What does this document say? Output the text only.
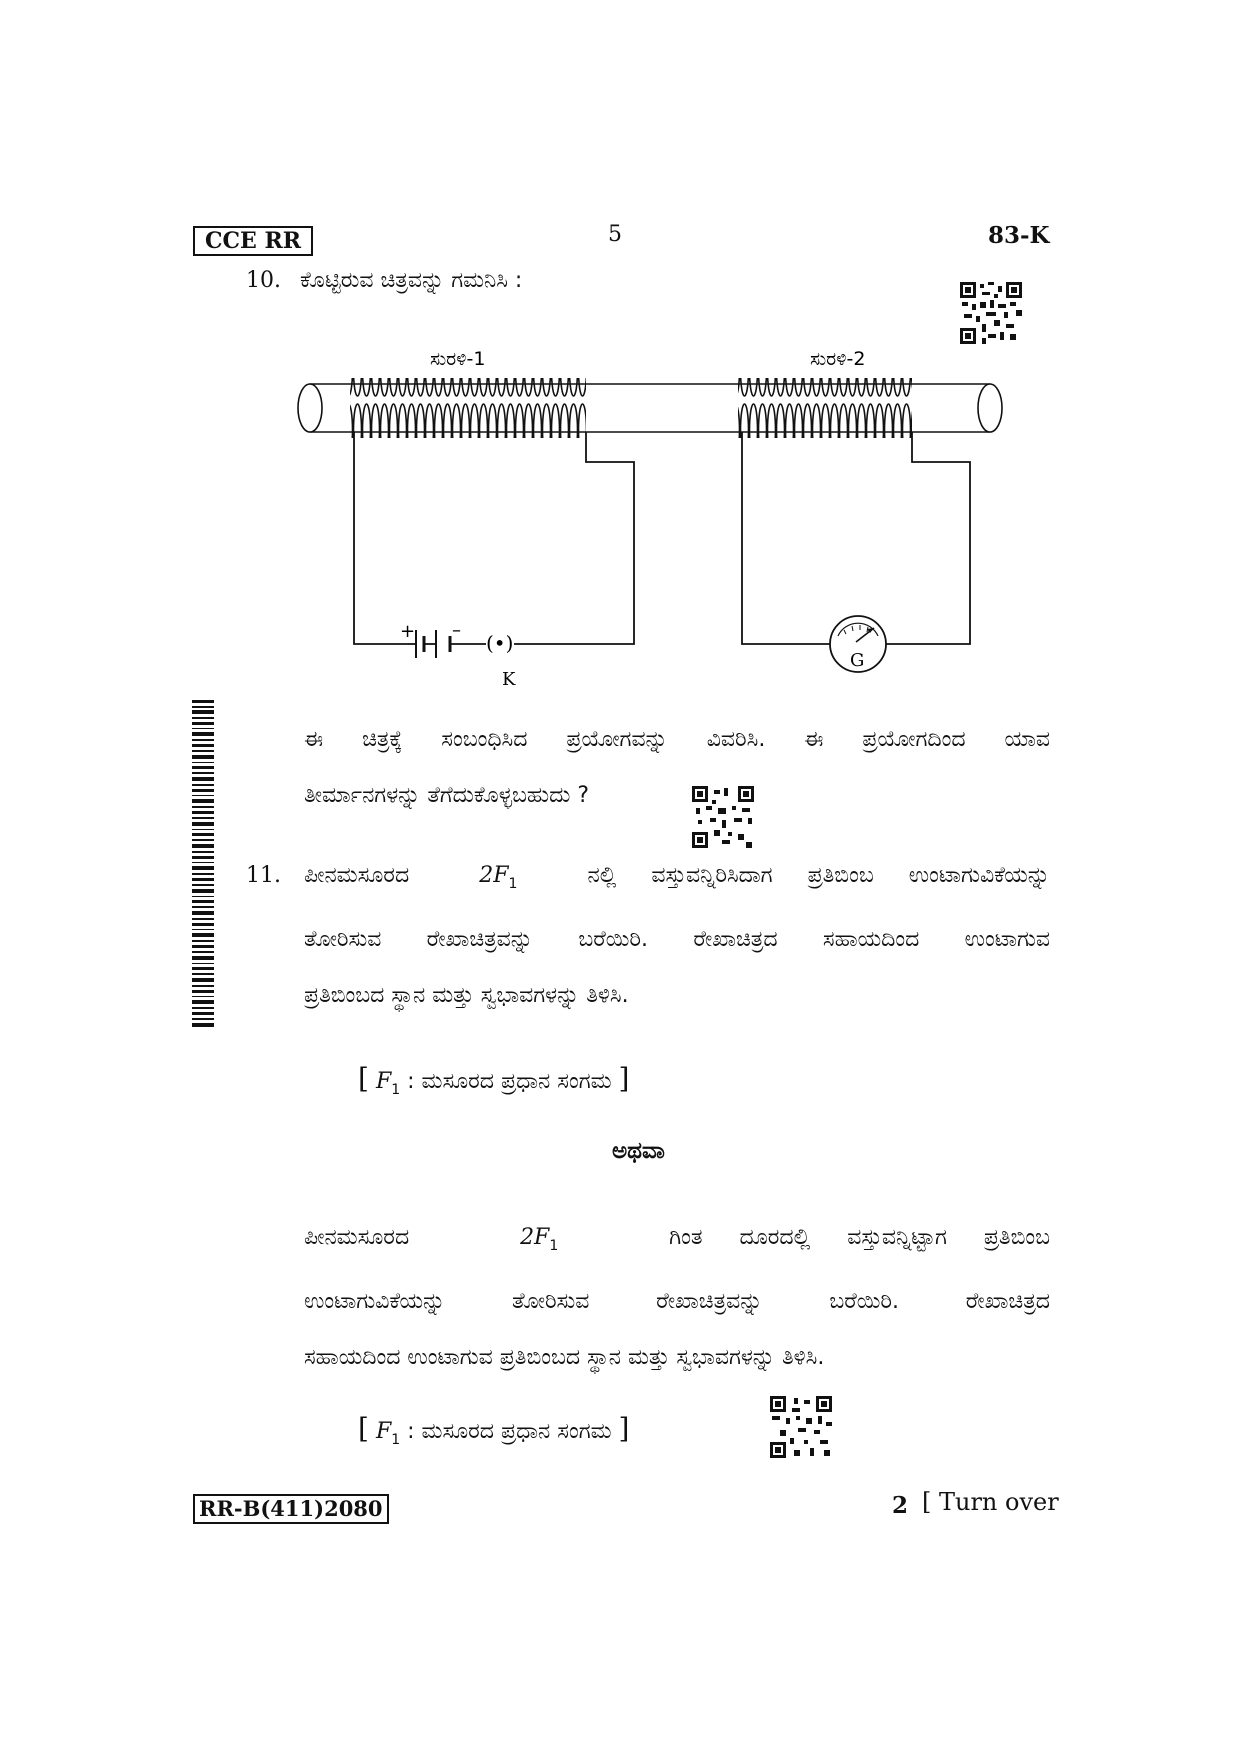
CCE RR	5	83-K
10. ಕೊಟ್ಟಿರುವ ಚಿತ್ರವನ್ನು ಗಮನಿಸಿ :
+ –
(•)
K
G
ಸುರಳಿ-1	ಸುರಳಿ-2
ಈ ಚಿತ್ರಕ್ಕೆ ಸಂಬಂಧಿಸಿದ ಪ್ರಯೋಗವನ್ನು ವಿವರಿಸಿ. ಈ ಪ್ರಯೋಗದಿಂದ ಯಾವ
ತೀರ್ಮಾನಗಳನ್ನು ತೆಗೆದುಕೊಳ್ಳಬಹುದು ?
11. ಪೀನಮಸೂರದ	$2F_1$	ನಲ್ಲಿ ವಸ್ತುವನ್ನಿರಿಸಿದಾಗ ಪ್ರತಿಬಿಂಬ ಉಂಟಾಗುವಿಕೆಯನ್ನು
ತೋರಿಸುವ ರೇಖಾಚಿತ್ರವನ್ನು ಬರೆಯಿರಿ. ರೇಖಾಚಿತ್ರದ ಸಹಾಯದಿಂದ ಉಂಟಾಗುವ
ಪ್ರತಿಬಿಂಬದ ಸ್ಥಾನ ಮತ್ತು ಸ್ವಭಾವಗಳನ್ನು ತಿಳಿಸಿ.
[ $F_1$ : ಮಸೂರದ ಪ್ರಧಾನ ಸಂಗಮ ]
ಅಥವಾ
ಪೀನಮಸೂರದ	$2F_1$	ಗಿಂತ ದೂರದಲ್ಲಿ ವಸ್ತುವನ್ನಿಟ್ಟಾಗ ಪ್ರತಿಬಿಂಬ
ಉಂಟಾಗುವಿಕೆಯನ್ನು ತೋರಿಸುವ ರೇಖಾಚಿತ್ರವನ್ನು ಬರೆಯಿರಿ. ರೇಖಾಚಿತ್ರದ
ಸಹಾಯದಿಂದ ಉಂಟಾಗುವ ಪ್ರತಿಬಿಂಬದ ಸ್ಥಾನ ಮತ್ತು ಸ್ವಭಾವಗಳನ್ನು ತಿಳಿಸಿ.
[ $F_1$ : ಮಸೂರದ ಪ್ರಧಾನ ಸಂಗಮ ]
RR-B(411)2080	2 [ Turn over
